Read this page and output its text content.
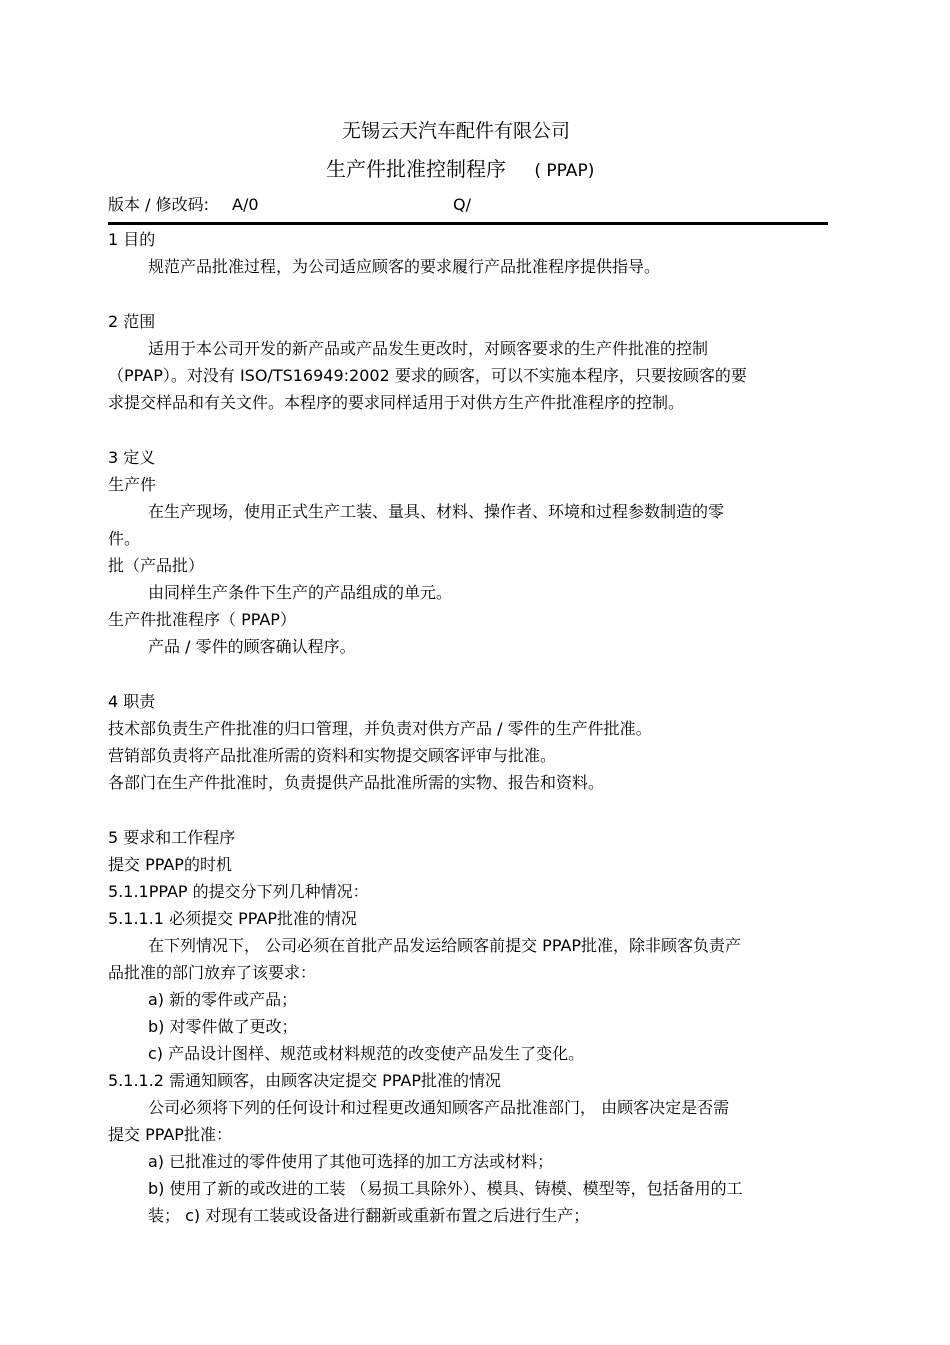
无锡云天汽车配件有限公司
生产件批准控制程序 ( PPAP)
版本 / 修改码: A/0	Q/
1 目的
规范产品批准过程，为公司适应顾客的要求履行产品批准程序提供指导。
2 范围
适用于本公司开发的新产品或产品发生更改时，对顾客要求的生产件批准的控制
（PPAP）。对没有 ISO/TS16949:2002 要求的顾客，可以不实施本程序，只要按顾客的要
求提交样品和有关文件。本程序的要求同样适用于对供方生产件批准程序的控制。
3 定义
生产件
在生产现场，使用正式生产工装、量具、材料、操作者、环境和过程参数制造的零
件。
批（产品批）
由同样生产条件下生产的产品组成的单元。
生产件批准程序（ PPAP）
产品 / 零件的顾客确认程序。
4 职责
技术部负责生产件批准的归口管理，并负责对供方产品 / 零件的生产件批准。
营销部负责将产品批准所需的资料和实物提交顾客评审与批准。
各部门在生产件批准时，负责提供产品批准所需的实物、报告和资料。
5 要求和工作程序
提交 PPAP的时机
5.1.1PPAP 的提交分下列几种情况：
5.1.1.1 必须提交 PPAP批准的情况
在下列情况下， 公司必须在首批产品发运给顾客前提交 PPAP批准，除非顾客负责产
品批准的部门放弃了该要求：
a) 新的零件或产品；
b) 对零件做了更改；
c) 产品设计图样、规范或材料规范的改变使产品发生了变化。
5.1.1.2 需通知顾客，由顾客决定提交 PPAP批准的情况
公司必须将下列的任何设计和过程更改通知顾客产品批准部门， 由顾客决定是否需
提交 PPAP批准：
a) 已批准过的零件使用了其他可选择的加工方法或材料；
b) 使用了新的或改进的工装 （易损工具除外）、模具、铸模、模型等，包括备用的工
装； c) 对现有工装或设备进行翻新或重新布置之后进行生产；
